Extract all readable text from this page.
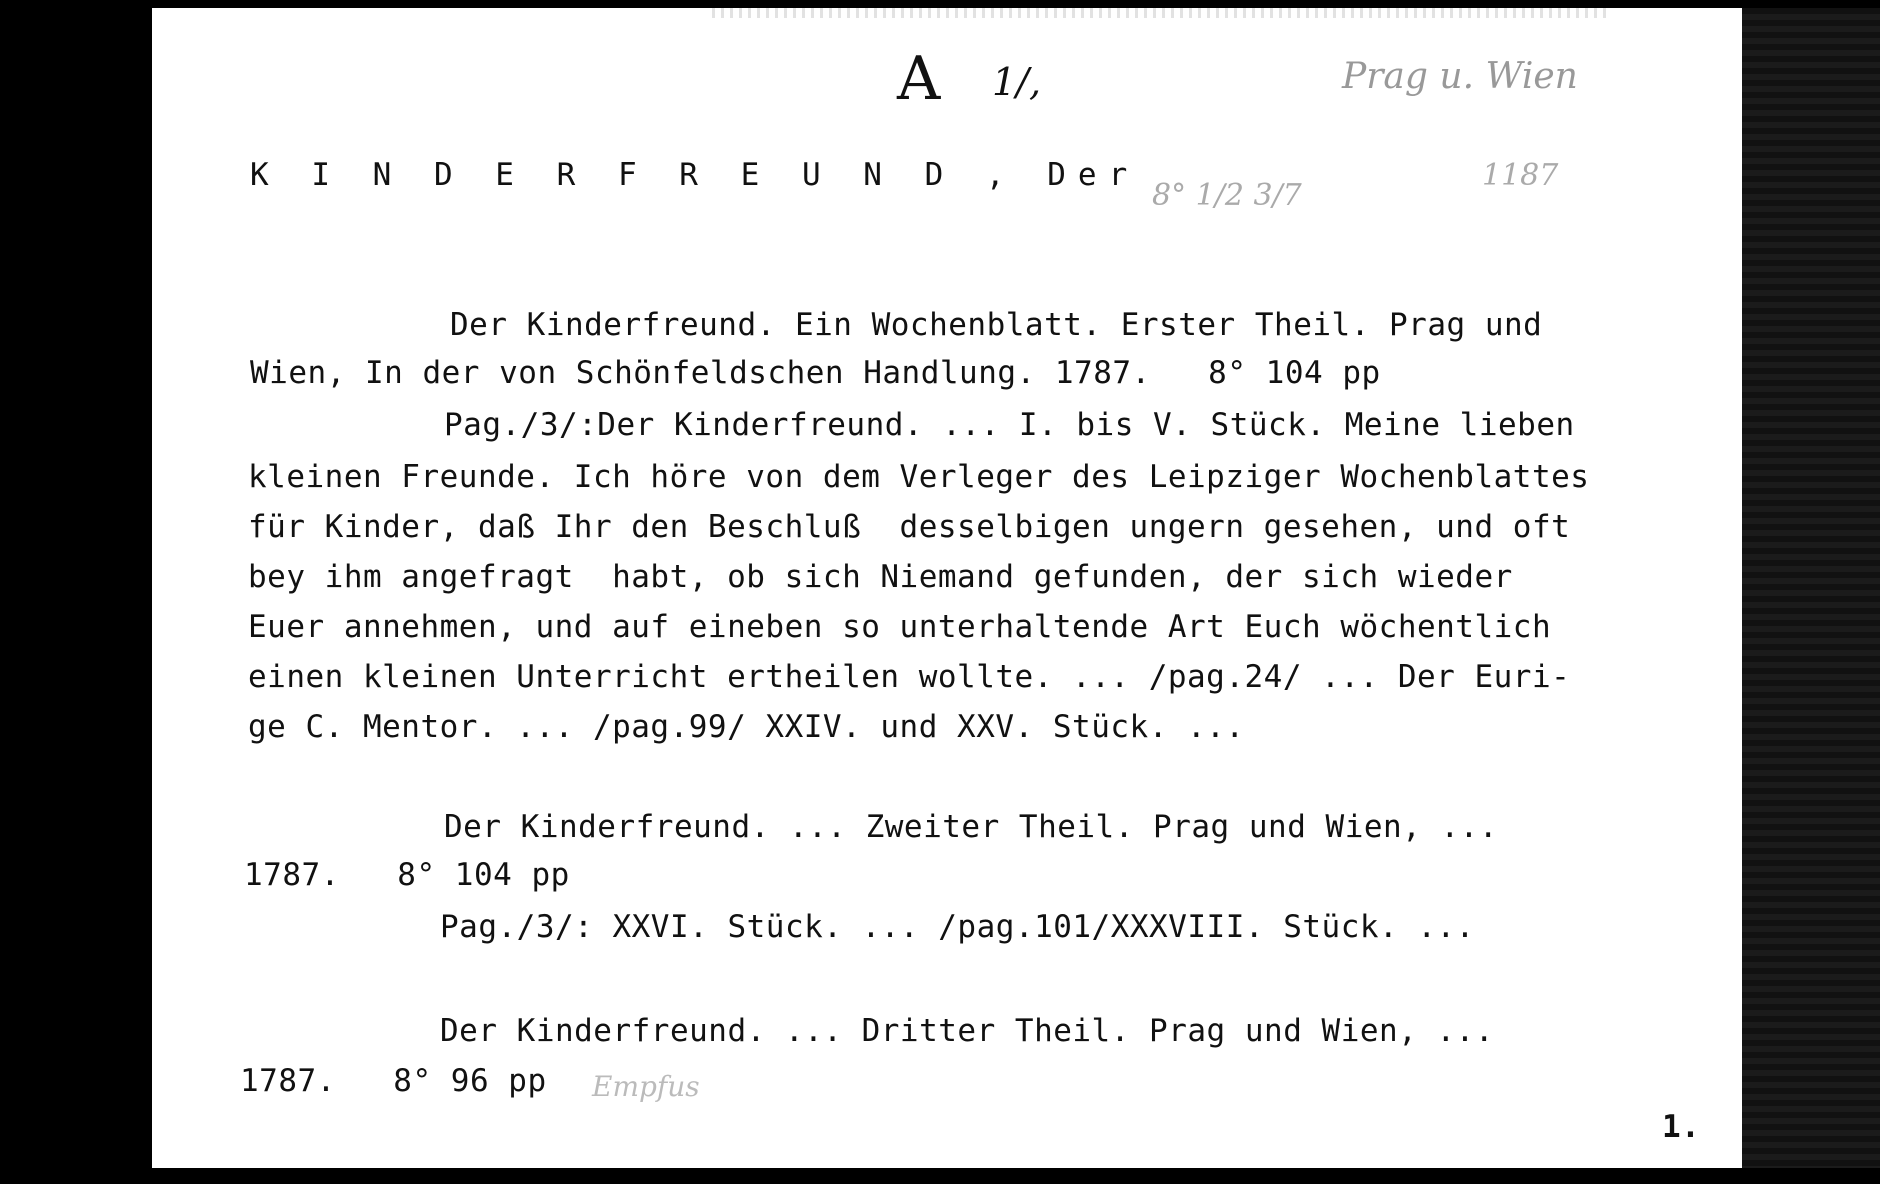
A 1/,	Prag u. Wien
8° 1/2 3/7
1187
Empfus
K I N D E R F R E U N D , Der
Der Kinderfreund. Ein Wochenblatt. Erster Theil. Prag und
Wien, In der von Schönfeldschen Handlung. 1787.   8° 104 pp
Pag./3/:Der Kinderfreund. ... I. bis V. Stück. Meine lieben
kleinen Freunde. Ich höre von dem Verleger des Leipziger Wochenblattes
für Kinder, daß Ihr den Beschluß  desselbigen ungern gesehen, und oft
bey ihm angefragt  habt, ob sich Niemand gefunden, der sich wieder
Euer annehmen, und auf eineben so unterhaltende Art Euch wöchentlich
einen kleinen Unterricht ertheilen wollte. ... /pag.24/ ... Der Euri-
ge C. Mentor. ... /pag.99/ XXIV. und XXV. Stück. ...
Der Kinderfreund. ... Zweiter Theil. Prag und Wien, ...
1787.   8° 104 pp
Pag./3/: XXVI. Stück. ... /pag.101/XXXVIII. Stück. ...
Der Kinderfreund. ... Dritter Theil. Prag und Wien, ...
1787.   8° 96 pp
1.
